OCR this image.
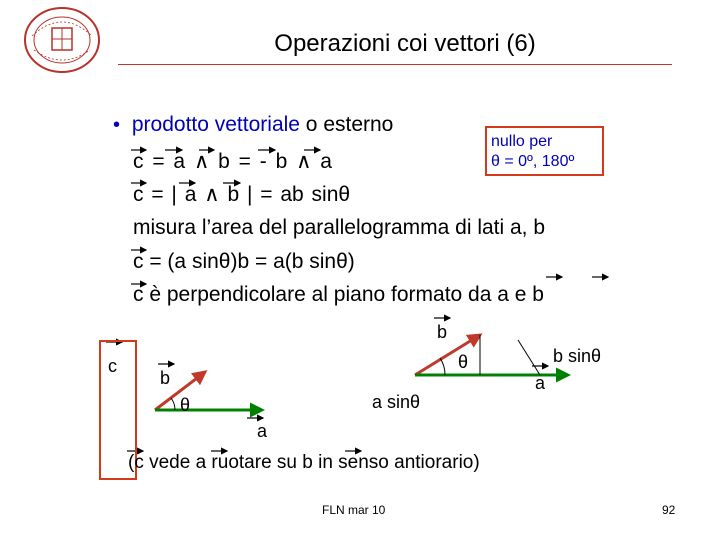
Operazioni coi vettori (6)
• prodotto vettoriale o esterno
nullo per
θ = 0º, 180º
c = a ∧ b = - b ∧ a
c = | a ∧ b | = ab sinθ
misura l’area del parallelogramma di lati a, b
c = (a sinθ)b = a(b sinθ)
c è perpendicolare al piano formato da a e b
c
b
θ
a
b
θ
a sinθ
b sinθ
a
(c vede a ruotare su b in senso antiorario)
FLN mar 10	92
